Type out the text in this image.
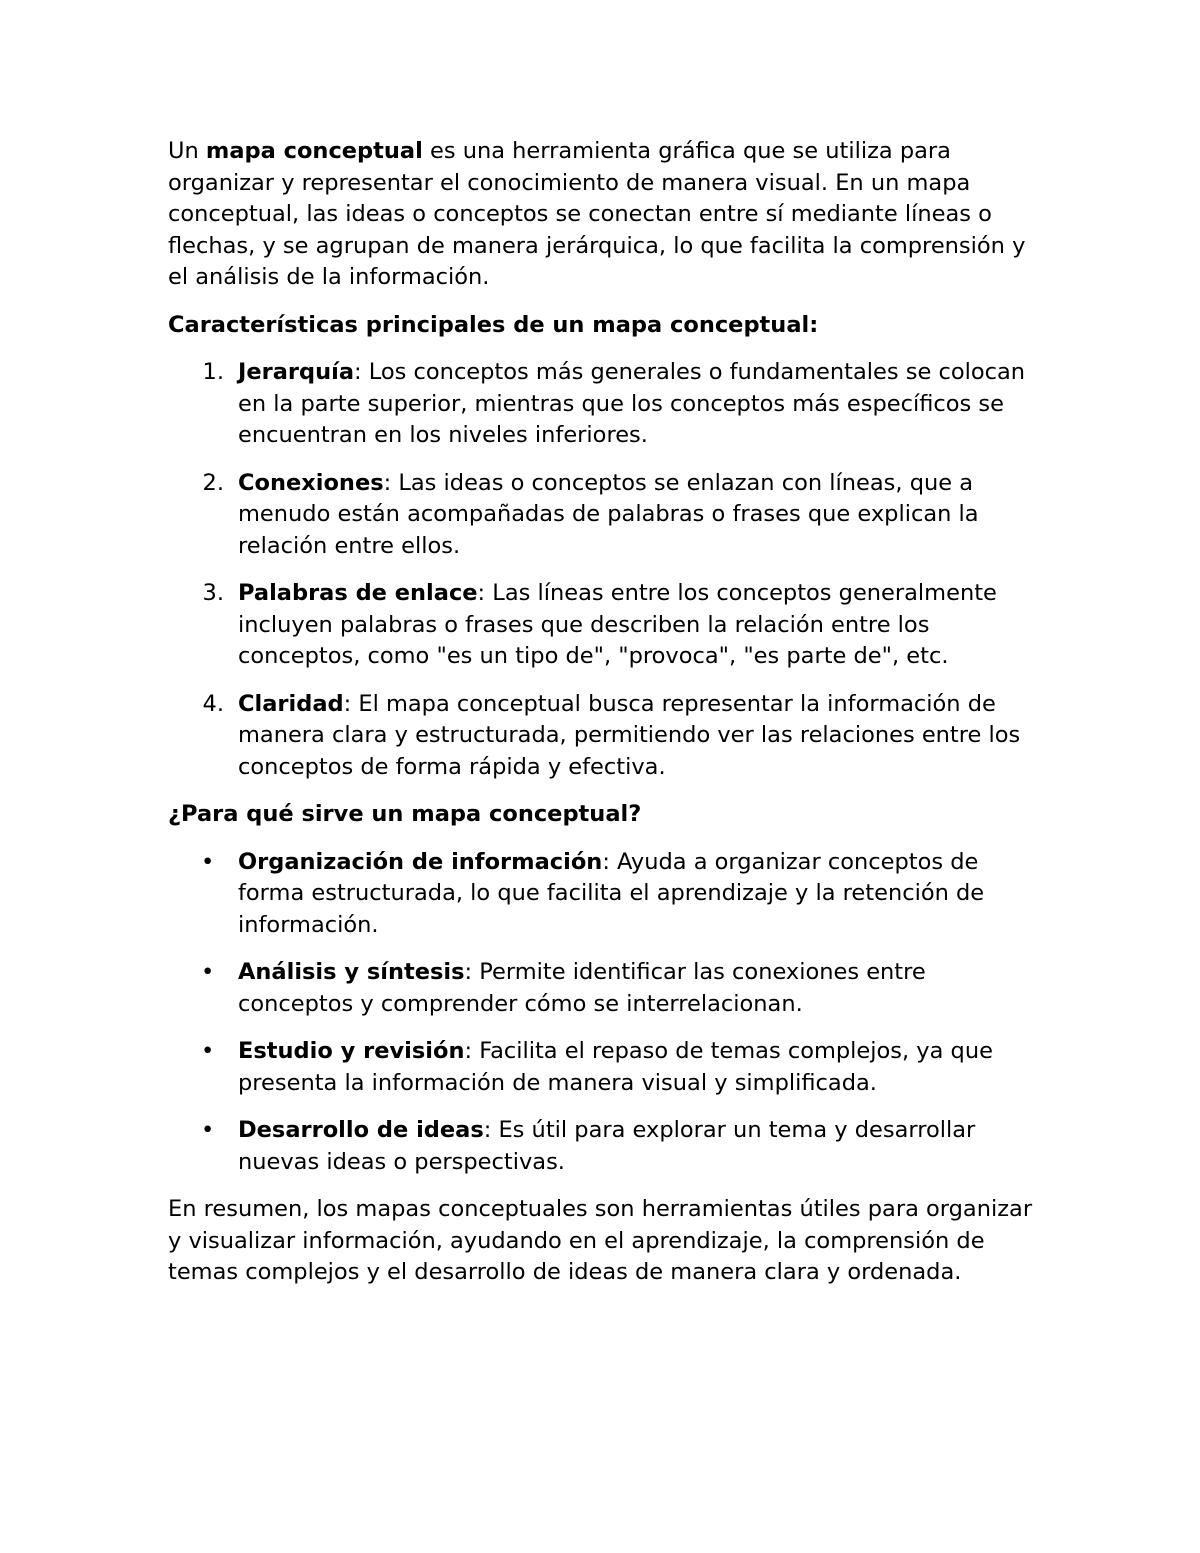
Un mapa conceptual es una herramienta gráfica que se utiliza para organizar y representar el conocimiento de manera visual. En un mapa conceptual, las ideas o conceptos se conectan entre sí mediante líneas o flechas, y se agrupan de manera jerárquica, lo que facilita la comprensión y el análisis de la información.

Características principales de un mapa conceptual:

1. Jerarquía: Los conceptos más generales o fundamentales se colocan en la parte superior, mientras que los conceptos más específicos se encuentran en los niveles inferiores.
2. Conexiones: Las ideas o conceptos se enlazan con líneas, que a menudo están acompañadas de palabras o frases que explican la relación entre ellos.
3. Palabras de enlace: Las líneas entre los conceptos generalmente incluyen palabras o frases que describen la relación entre los conceptos, como "es un tipo de", "provoca", "es parte de", etc.
4. Claridad: El mapa conceptual busca representar la información de manera clara y estructurada, permitiendo ver las relaciones entre los conceptos de forma rápida y efectiva.

¿Para qué sirve un mapa conceptual?

• Organización de información: Ayuda a organizar conceptos de forma estructurada, lo que facilita el aprendizaje y la retención de información.
• Análisis y síntesis: Permite identificar las conexiones entre conceptos y comprender cómo se interrelacionan.
• Estudio y revisión: Facilita el repaso de temas complejos, ya que presenta la información de manera visual y simplificada.
• Desarrollo de ideas: Es útil para explorar un tema y desarrollar nuevas ideas o perspectivas.

En resumen, los mapas conceptuales son herramientas útiles para organizar y visualizar información, ayudando en el aprendizaje, la comprensión de temas complejos y el desarrollo de ideas de manera clara y ordenada.
